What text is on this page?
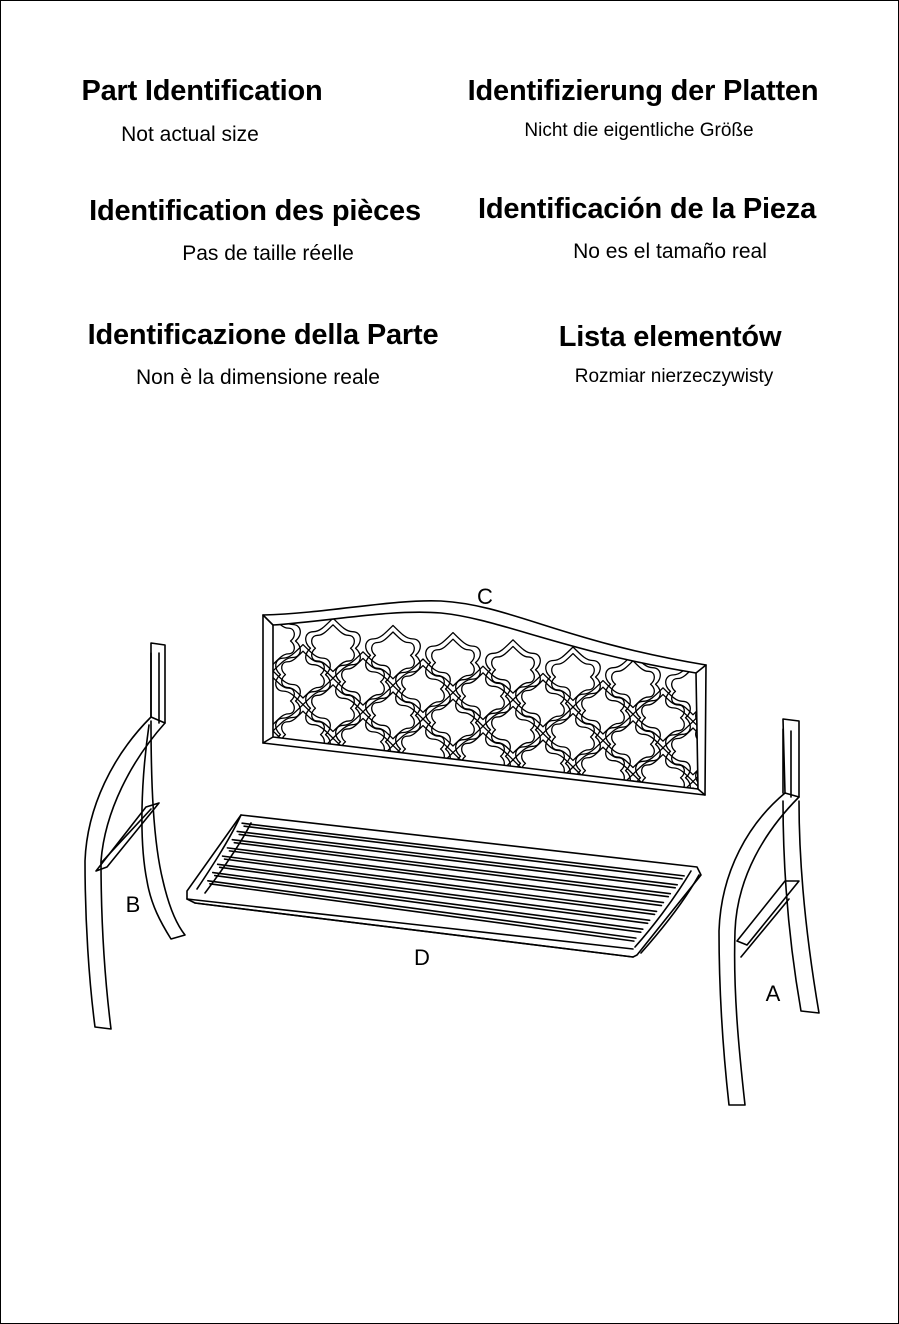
Part Identification
Not actual size
Identifizierung der Platten
Nicht die eigentliche Größe
Identification des pièces
Pas de taille réelle
Identificación de la Pieza
No es el tamaño real
Identificazione della Parte
Non è la dimensione reale
Lista elementów
Rozmiar nierzeczywisty
C
B
D
A
